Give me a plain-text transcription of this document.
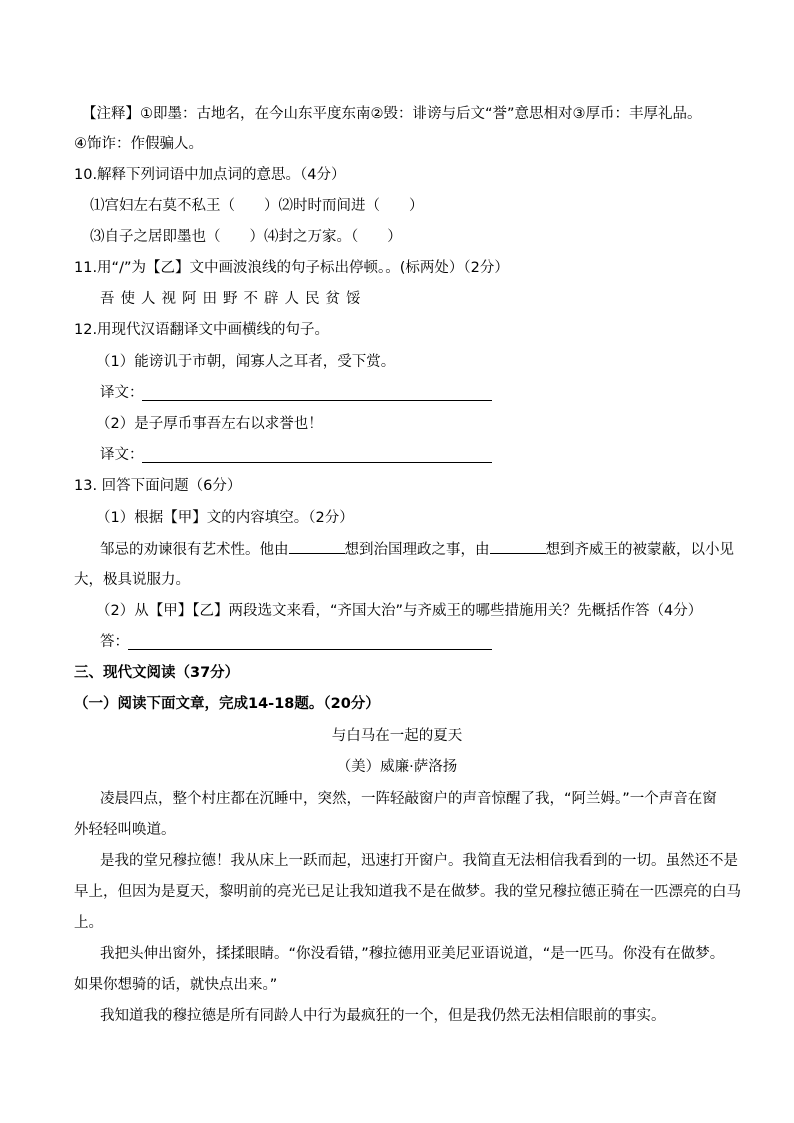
【注释】①即墨：古地名，在今山东平度东南②毁：诽谤与后文“誉”意思相对③厚币：丰厚礼品。
④饰诈：作假骗人。
10.解释下列词语中加点词的意思。（4分）
⑴宫妇左右莫不私王（　　）⑵时时而间进（　　）
⑶自子之居即墨也（　　）⑷封之万家。（　　）
11.用“/”为【乙】文中画波浪线的句子标出停顿。。(标两处）（2分）
吾使人视阿田野不辟人民贫馁
12.用现代汉语翻译文中画横线的句子。
（1）能谤讥于市朝，闻寡人之耳者，受下赏。
译文：
（2）是子厚币事吾左右以求誉也！
译文：
13. 回答下面问题（6分）
（1）根据【甲】文的内容填空。（2分）
邹忌的劝谏很有艺术性。他由	想到治国理政之事，由	想到齐威王的被蒙蔽，以小见
大，极具说服力。
（2）从【甲】【乙】两段选文来看，“齐国大治”与齐威王的哪些措施用关？先概括作答（4分）
答：
三、现代文阅读（37分）
（一）阅读下面文章，完成14-18题。（20分）
与白马在一起的夏天
（美）威廉·萨洛扬
凌晨四点，整个村庄都在沉睡中，突然，一阵轻敲窗户的声音惊醒了我，“阿兰姆。”一个声音在窗
外轻轻叫唤道。
是我的堂兄穆拉德！我从床上一跃而起，迅速打开窗户。我简直无法相信我看到的一切。虽然还不是
早上，但因为是夏天，黎明前的亮光已足让我知道我不是在做梦。我的堂兄穆拉德正骑在一匹漂亮的白马
上。
我把头伸出窗外，揉揉眼睛。“你没看错，”穆拉德用亚美尼亚语说道，“是一匹马。你没有在做梦。
如果你想骑的话，就快点出来。”
我知道我的穆拉德是所有同龄人中行为最疯狂的一个，但是我仍然无法相信眼前的事实。
